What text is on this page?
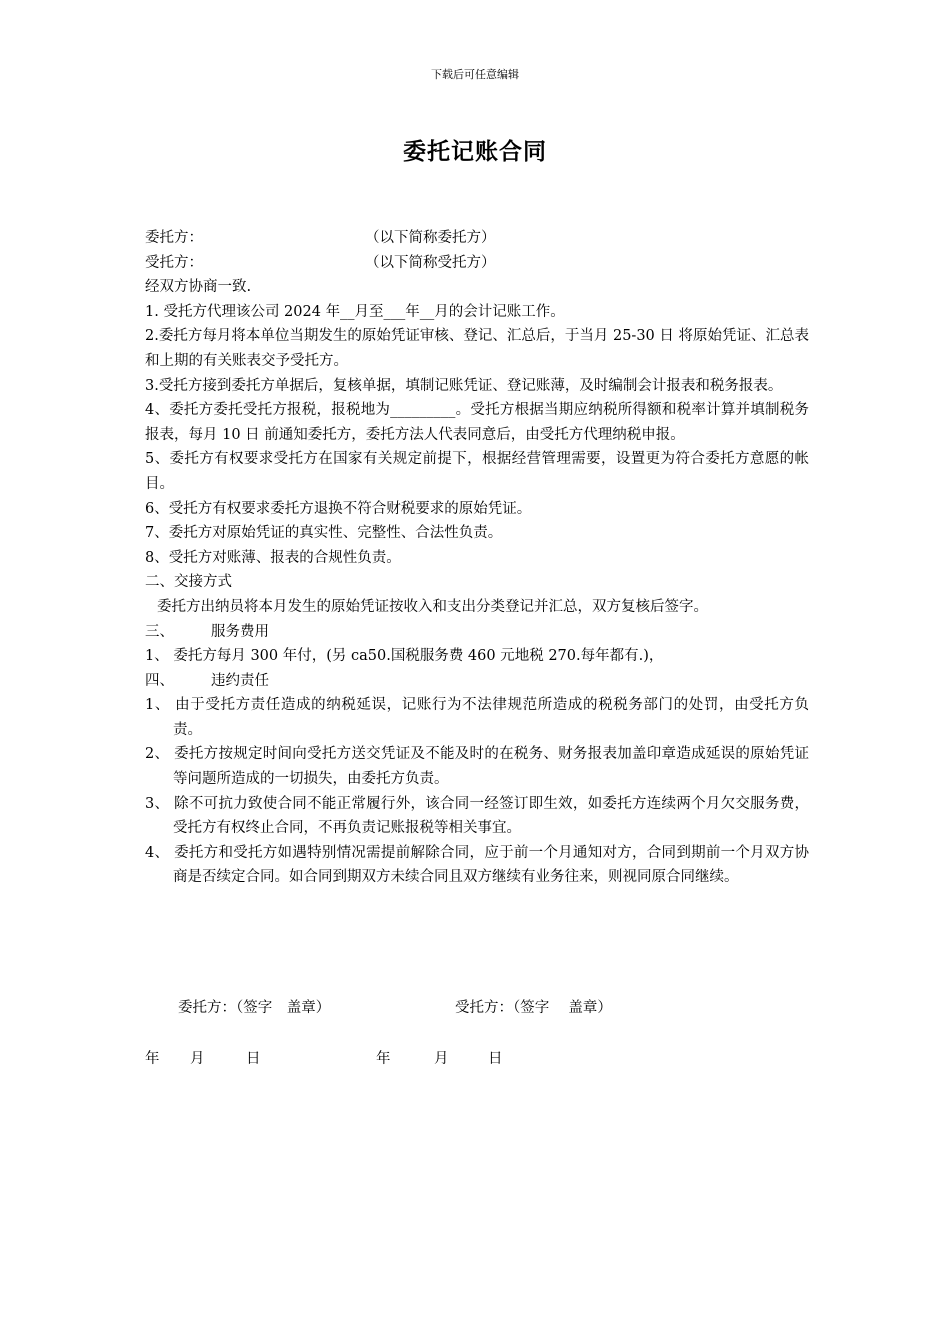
下载后可任意编辑
委托记账合同
委托方：	（以下简称委托方）
受托方：	（以下简称受托方）
经双方协商一致.
1. 受托方代理该公司 2024 年__月至___年__月的会计记账工作。
2.委托方每月将本单位当期发生的原始凭证审核、登记、汇总后，于当月 25-30 日 将原始凭证、汇总表和上期的有关账表交予受托方。
3.受托方接到委托方单据后，复核单据，填制记账凭证、登记账薄，及时编制会计报表和税务报表。
4、委托方委托受托方报税，报税地为_________。受托方根据当期应纳税所得额和税率计算并填制税务报表，每月 10 日 前通知委托方，委托方法人代表同意后，由受托方代理纳税申报。
5、委托方有权要求受托方在国家有关规定前提下，根据经营管理需要，设置更为符合委托方意愿的帐目。
6、受托方有权要求委托方退换不符合财税要求的原始凭证。
7、委托方对原始凭证的真实性、完整性、合法性负责。
8、受托方对账薄、报表的合规性负责。
二、交接方式
委托方出纳员将本月发生的原始凭证按收入和支出分类登记并汇总，双方复核后签字。
三、	服务费用
1、 委托方每月 300 年付，(另 ca50.国税服务费 460 元地税 270.每年都有.)，
四、	违约责任
1、 由于受托方责任造成的纳税延误，记账行为不法律规范所造成的税税务部门的处罚，由受托方负责。
2、 委托方按规定时间向受托方送交凭证及不能及时的在税务、财务报表加盖印章造成延误的原始凭证等问题所造成的一切损失，由委托方负责。
3、 除不可抗力致使合同不能正常履行外，该合同一经签订即生效，如委托方连续两个月欠交服务费，受托方有权终止合同，不再负责记账报税等相关事宜。
4、 委托方和受托方如遇特别情况需提前解除合同，应于前一个月通知对方，合同到期前一个月双方协商是否续定合同。如合同到期双方未续合同且双方继续有业务往来，则视同原合同继续。
委托方：（签字　盖章）	受托方：（签字　 盖章）
年	月	日	年	月	日
